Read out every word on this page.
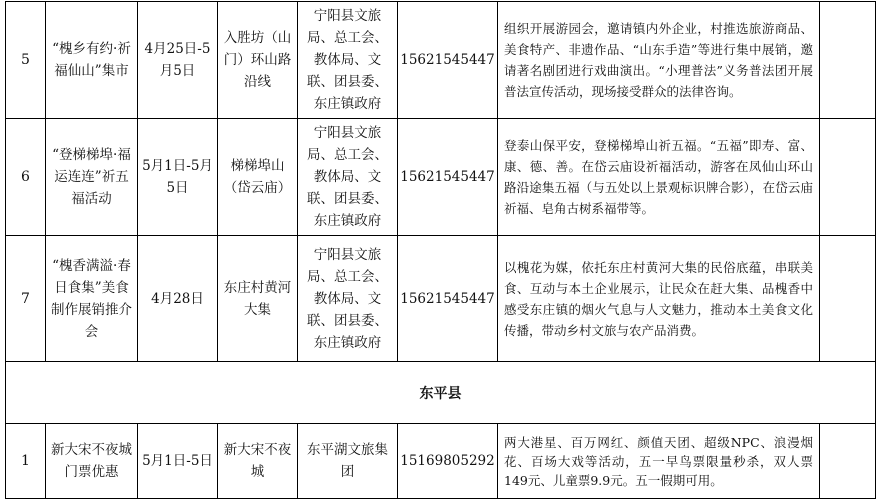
5	“槐乡有约·祈福仙山”集市	4月25日-5月5日	入胜坊（山门）环山路沿线	宁阳县文旅局、总工会、教体局、文联、团县委、东庄镇政府	15621545447	组织开展游园会，邀请镇内外企业，村推选旅游商品、美食特产、非遗作品、“山东手造”等进行集中展销，邀请著名剧团进行戏曲演出。“小理普法”义务普法团开展普法宣传活动，现场接受群众的法律咨询。	
6	“登梯梯埠·福运连连”祈五福活动	5月1日-5月5日	梯梯埠山（岱云庙）	宁阳县文旅局、总工会、教体局、文联、团县委、东庄镇政府	15621545447	登泰山保平安，登梯梯埠山祈五福。“五福”即寿、富、康、德、善。在岱云庙设祈福活动，游客在凤仙山环山路沿途集五福（与五处以上景观标识牌合影），在岱云庙祈福、皂角古树系福带等。	
7	“槐香满溢·春日食集”美食制作展销推介会	4月28日	东庄村黄河大集	宁阳县文旅局、总工会、教体局、文联、团县委、东庄镇政府	15621545447	以槐花为媒，依托东庄村黄河大集的民俗底蕴，串联美食、互动与本土企业展示，让民众在赶大集、品槐香中感受东庄镇的烟火气息与人文魅力，推动本土美食文化传播，带动乡村文旅与农产品消费。	
东平县							
1	新大宋不夜城门票优惠	5月1日-5日	新大宋不夜城	东平湖文旅集团	15169805292	两大港星、百万网红、颜值天团、超级NPC、浪漫烟花、百场大戏等活动，五一早鸟票限量秒杀，双人票149元、儿童票9.9元。五一假期可用。	
